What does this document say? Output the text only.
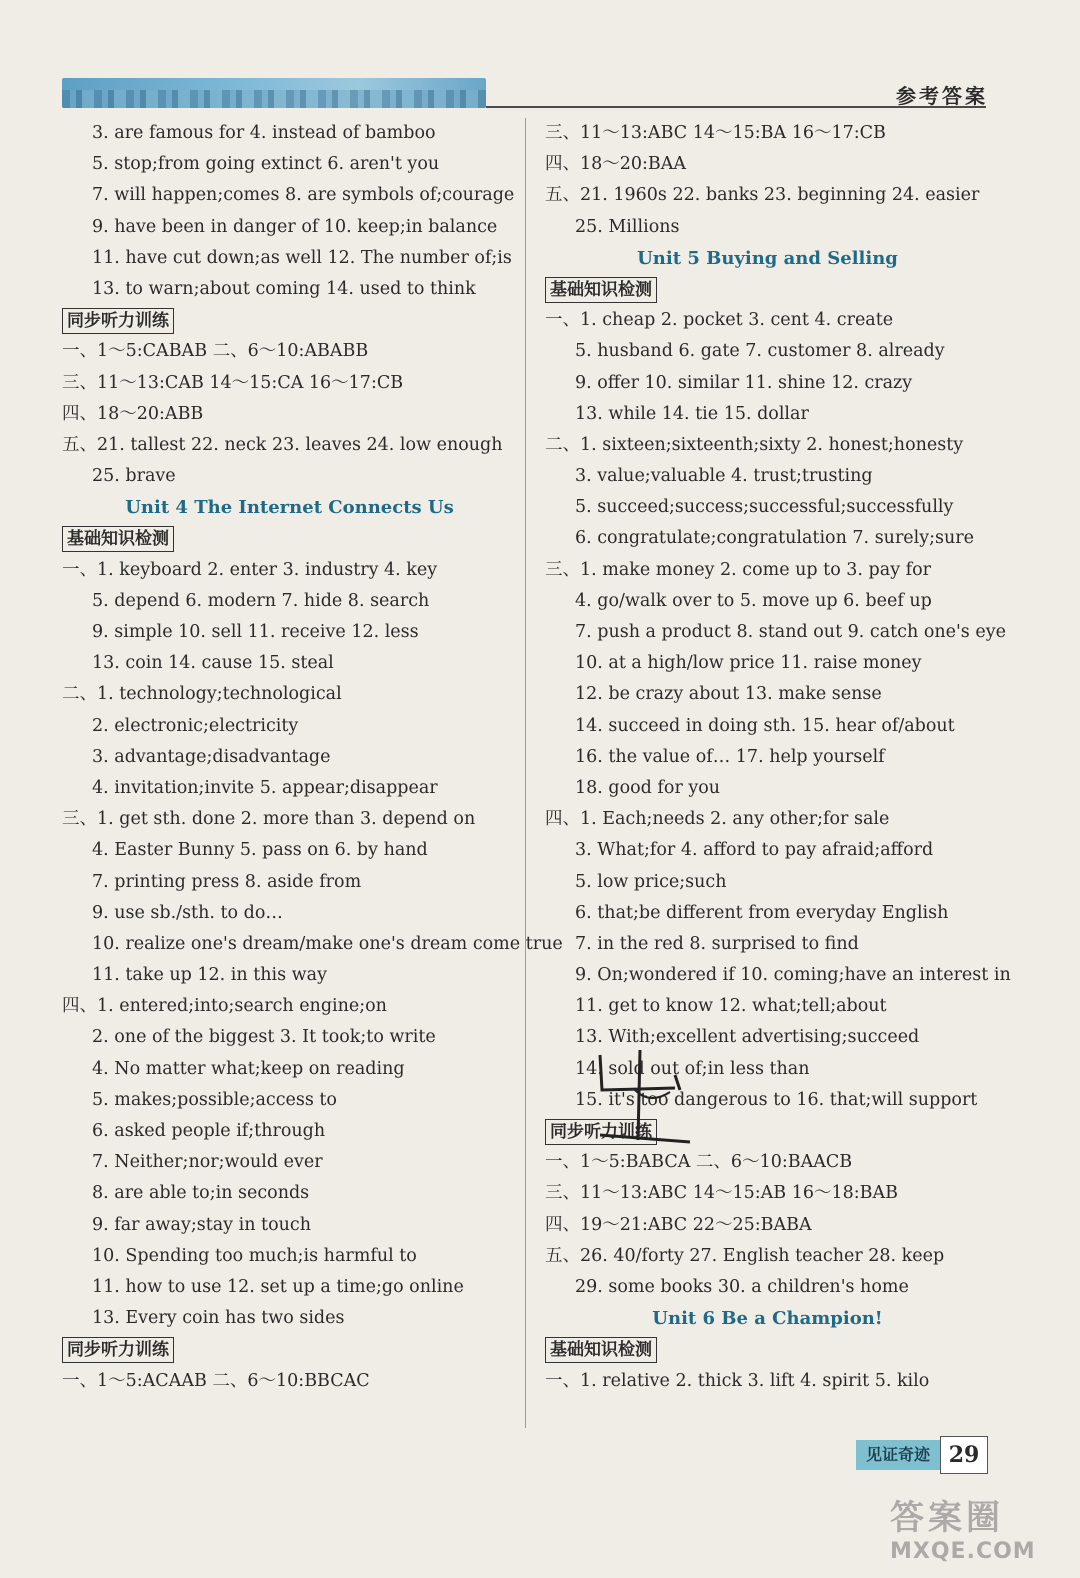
参考答案
3. are famous for 4. instead of bamboo
5. stop;from going extinct 6. aren't you
7. will happen;comes 8. are symbols of;courage
9. have been in danger of 10. keep;in balance
11. have cut down;as well 12. The number of;is
13. to warn;about coming 14. used to think
同步听力训练
一、1～5:CABAB 二、6～10:ABABB
三、11～13:CAB 14～15:CA 16～17:CB
四、18～20:ABB
五、21. tallest 22. neck 23. leaves 24. low enough
25. brave
Unit 4 The Internet Connects Us
基础知识检测
一、1. keyboard 2. enter 3. industry 4. key
5. depend 6. modern 7. hide 8. search
9. simple 10. sell 11. receive 12. less
13. coin 14. cause 15. steal
二、1. technology;technological
2. electronic;electricity
3. advantage;disadvantage
4. invitation;invite 5. appear;disappear
三、1. get sth. done 2. more than 3. depend on
4. Easter Bunny 5. pass on 6. by hand
7. printing press 8. aside from
9. use sb./sth. to do…
10. realize one's dream/make one's dream come true
11. take up 12. in this way
四、1. entered;into;search engine;on
2. one of the biggest 3. It took;to write
4. No matter what;keep on reading
5. makes;possible;access to
6. asked people if;through
7. Neither;nor;would ever
8. are able to;in seconds
9. far away;stay in touch
10. Spending too much;is harmful to
11. how to use 12. set up a time;go online
13. Every coin has two sides
同步听力训练
一、1～5:ACAAB 二、6～10:BBCAC
三、11～13:ABC 14～15:BA 16～17:CB
四、18～20:BAA
五、21. 1960s 22. banks 23. beginning 24. easier
25. Millions
Unit 5 Buying and Selling
基础知识检测
一、1. cheap 2. pocket 3. cent 4. create
5. husband 6. gate 7. customer 8. already
9. offer 10. similar 11. shine 12. crazy
13. while 14. tie 15. dollar
二、1. sixteen;sixteenth;sixty 2. honest;honesty
3. value;valuable 4. trust;trusting
5. succeed;success;successful;successfully
6. congratulate;congratulation 7. surely;sure
三、1. make money 2. come up to 3. pay for
4. go/walk over to 5. move up 6. beef up
7. push a product 8. stand out 9. catch one's eye
10. at a high/low price 11. raise money
12. be crazy about 13. make sense
14. succeed in doing sth. 15. hear of/about
16. the value of… 17. help yourself
18. good for you
四、1. Each;needs 2. any other;for sale
3. What;for 4. afford to pay afraid;afford
5. low price;such
6. that;be different from everyday English
7. in the red 8. surprised to find
9. On;wondered if 10. coming;have an interest in
11. get to know 12. what;tell;about
13. With;excellent advertising;succeed
14. sold out of;in less than
15. it's too dangerous to 16. that;will support
同步听力训练
一、1～5:BABCA 二、6～10:BAACB
三、11～13:ABC 14～15:AB 16～18:BAB
四、19～21:ABC 22～25:BABA
五、26. 40/forty 27. English teacher 28. keep
29. some books 30. a children's home
Unit 6 Be a Champion!
基础知识检测
一、1. relative 2. thick 3. lift 4. spirit 5. kilo
见证奇迹 29
答案圈
MXQE.COM
